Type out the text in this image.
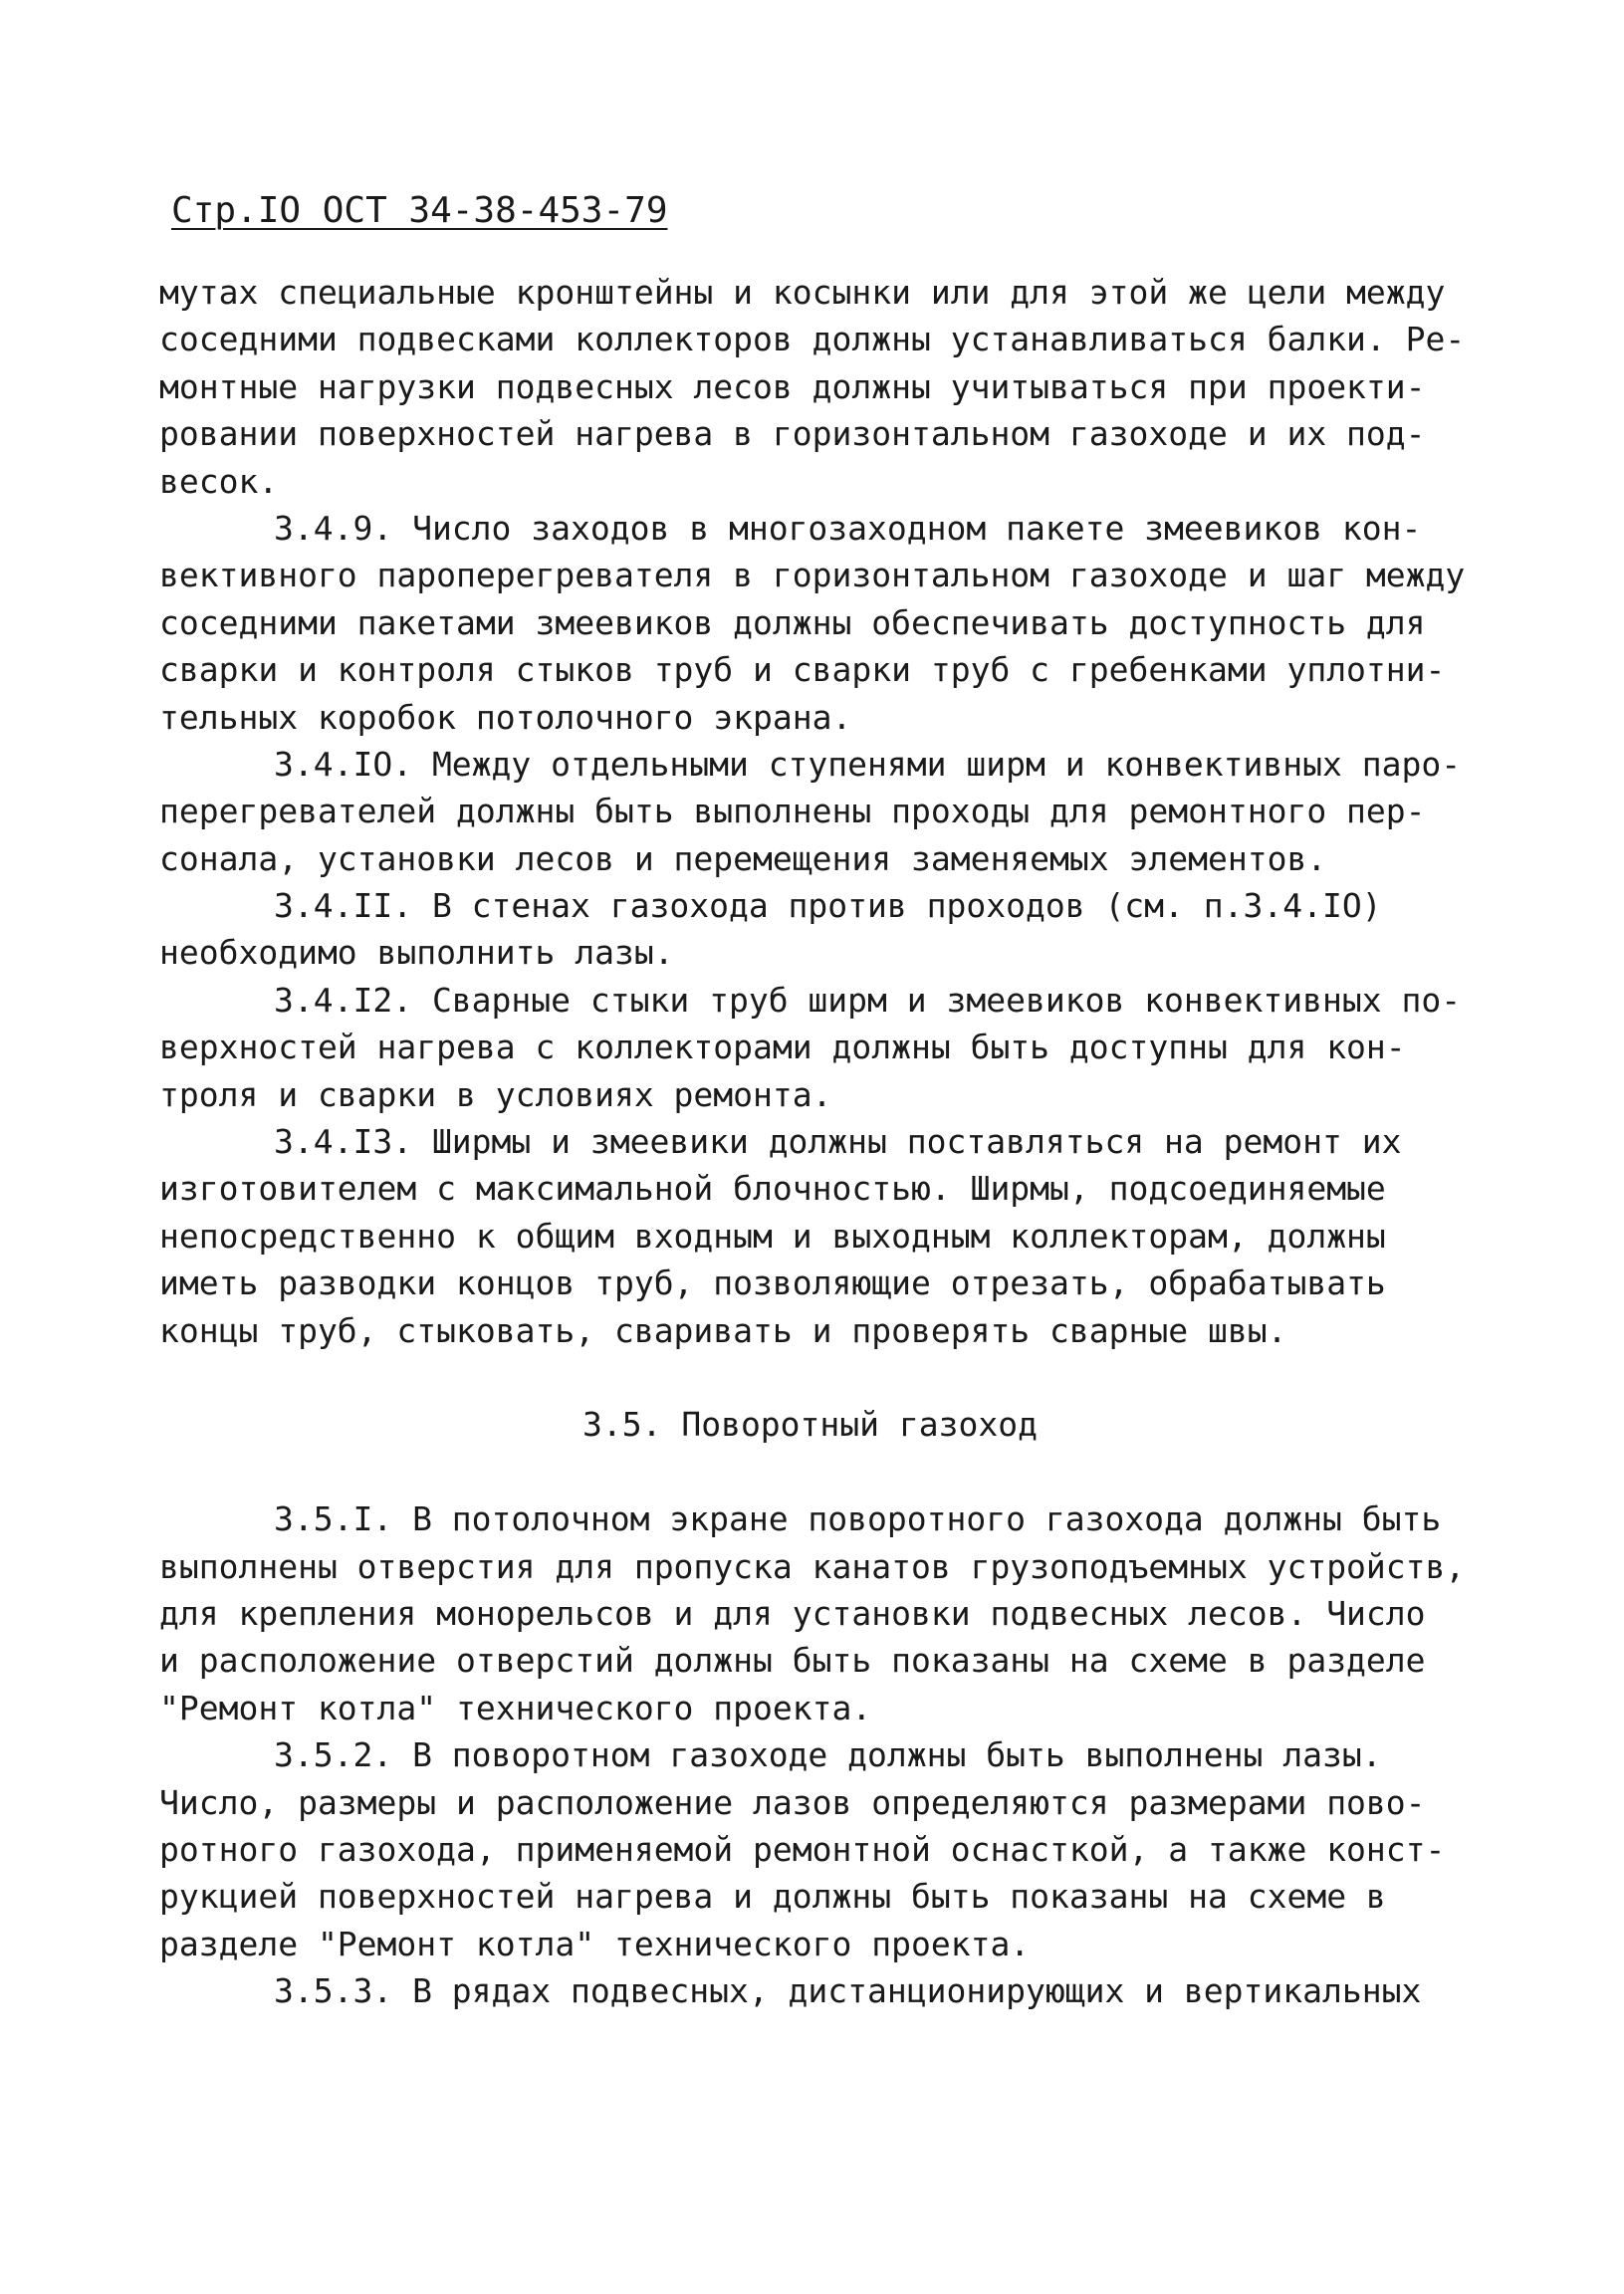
Стр.IO ОСТ 34-38-453-79
мутах специальные кронштейны и косынки или для этой же цели между
соседними подвесками коллекторов должны устанавливаться балки. Ре-
монтные нагрузки подвесных лесов должны учитываться при проекти-
ровании поверхностей нагрева в горизонтальном газоходе и их под-
весок.
3.4.9. Число заходов в многозаходном пакете змеевиков кон-
вективного пароперегревателя в горизонтальном газоходе и шаг между
соседними пакетами змеевиков должны обеспечивать доступность для
сварки и контроля стыков труб и сварки труб с гребенками уплотни-
тельных коробок потолочного экрана.
3.4.IO. Между отдельными ступенями ширм и конвективных паро-
перегревателей должны быть выполнены проходы для ремонтного пер-
сонала, установки лесов и перемещения заменяемых элементов.
3.4.II. В стенах газохода против проходов (см. п.3.4.IO)
необходимо выполнить лазы.
3.4.I2. Сварные стыки труб ширм и змеевиков конвективных по-
верхностей нагрева с коллекторами должны быть доступны для кон-
троля и сварки в условиях ремонта.
3.4.I3. Ширмы и змеевики должны поставляться на ремонт их
изготовителем с максимальной блочностью. Ширмы, подсоединяемые
непосредственно к общим входным и выходным коллекторам, должны
иметь разводки концов труб, позволяющие отрезать, обрабатывать
концы труб, стыковать, сваривать и проверять сварные швы.
3.5. Поворотный газоход
3.5.I. В потолочном экране поворотного газохода должны быть
выполнены отверстия для пропуска канатов грузоподъемных устройств,
для крепления монорельсов и для установки подвесных лесов. Число
и расположение отверстий должны быть показаны на схеме в разделе
"Ремонт котла" технического проекта.
3.5.2. В поворотном газоходе должны быть выполнены лазы.
Число, размеры и расположение лазов определяются размерами пово-
ротного газохода, применяемой ремонтной оснасткой, а также конст-
рукцией поверхностей нагрева и должны быть показаны на схеме в
разделе "Ремонт котла" технического проекта.
3.5.3. В рядах подвесных, дистанционирующих и вертикальных
